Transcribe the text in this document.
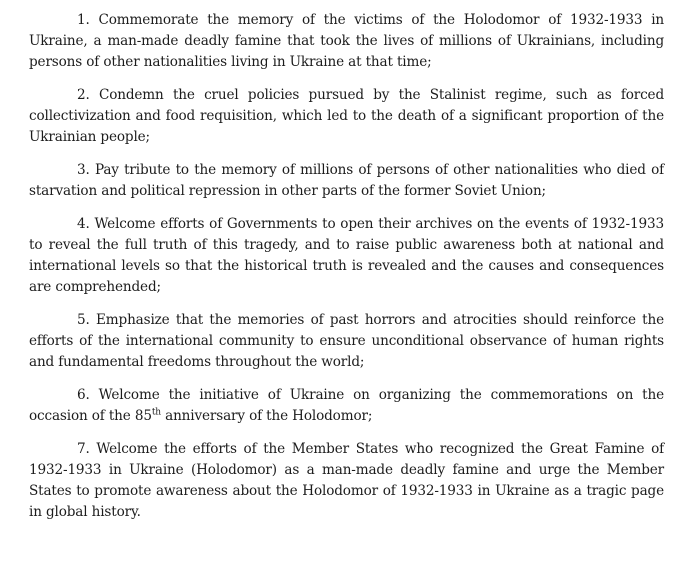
1. Commemorate the memory of the victims of the Holodomor of 1932-1933 in Ukraine, a man-made deadly famine that took the lives of millions of Ukrainians, including persons of other nationalities living in Ukraine at that time;

2. Condemn the cruel policies pursued by the Stalinist regime, such as forced collectivization and food requisition, which led to the death of a significant proportion of the Ukrainian people;

3. Pay tribute to the memory of millions of persons of other nationalities who died of starvation and political repression in other parts of the former Soviet Union;

4. Welcome efforts of Governments to open their archives on the events of 1932-1933 to reveal the full truth of this tragedy, and to raise public awareness both at national and international levels so that the historical truth is revealed and the causes and consequences are comprehended;

5. Emphasize that the memories of past horrors and atrocities should reinforce the efforts of the international community to ensure unconditional observance of human rights and fundamental freedoms throughout the world;

6. Welcome the initiative of Ukraine on organizing the commemorations on the occasion of the 85th anniversary of the Holodomor;

7. Welcome the efforts of the Member States who recognized the Great Famine of 1932-1933 in Ukraine (Holodomor) as a man-made deadly famine and urge the Member States to promote awareness about the Holodomor of 1932-1933 in Ukraine as a tragic page in global history.
